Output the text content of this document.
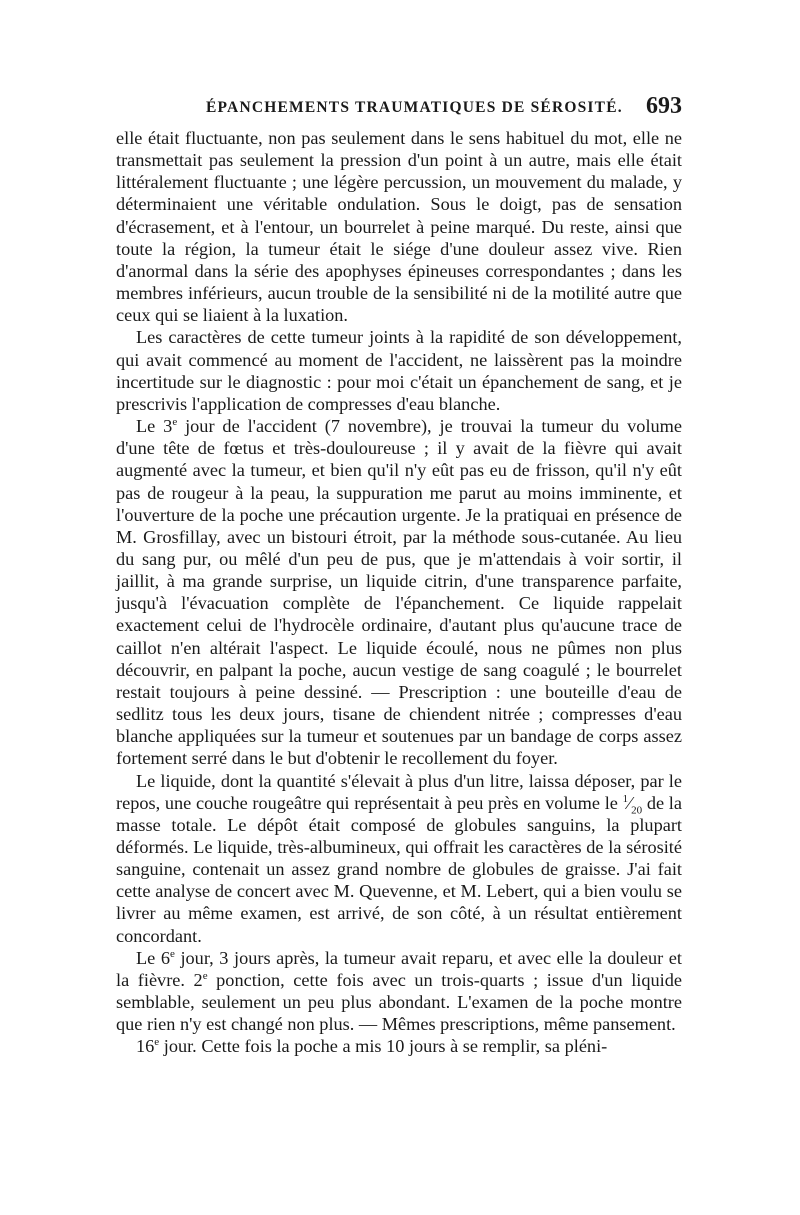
ÉPANCHEMENTS TRAUMATIQUES DE SÉROSITÉ. 693

elle était fluctuante, non pas seulement dans le sens habituel du mot, elle ne transmettait pas seulement la pression d'un point à un autre, mais elle était littéralement fluctuante ; une légère percussion, un mouvement du malade, y déterminaient une véritable ondulation. Sous le doigt, pas de sensation d'écrasement, et à l'entour, un bourrelet à peine marqué. Du reste, ainsi que toute la région, la tumeur était le siége d'une douleur assez vive. Rien d'anormal dans la série des apophyses épineuses correspondantes ; dans les membres inférieurs, aucun trouble de la sensibilité ni de la motilité autre que ceux qui se liaient à la luxation.

Les caractères de cette tumeur joints à la rapidité de son développement, qui avait commencé au moment de l'accident, ne laissèrent pas la moindre incertitude sur le diagnostic : pour moi c'était un épanchement de sang, et je prescrivis l'application de compresses d'eau blanche.

Le 3e jour de l'accident (7 novembre), je trouvai la tumeur du volume d'une tête de fœtus et très-douloureuse ; il y avait de la fièvre qui avait augmenté avec la tumeur, et bien qu'il n'y eût pas eu de frisson, qu'il n'y eût pas de rougeur à la peau, la suppuration me parut au moins imminente, et l'ouverture de la poche une précaution urgente. Je la pratiquai en présence de M. Grosfillay, avec un bistouri étroit, par la méthode sous-cutanée. Au lieu du sang pur, ou mêlé d'un peu de pus, que je m'attendais à voir sortir, il jaillit, à ma grande surprise, un liquide citrin, d'une transparence parfaite, jusqu'à l'évacuation complète de l'épanchement. Ce liquide rappelait exactement celui de l'hydrocèle ordinaire, d'autant plus qu'aucune trace de caillot n'en altérait l'aspect. Le liquide écoulé, nous ne pûmes non plus découvrir, en palpant la poche, aucun vestige de sang coagulé ; le bourrelet restait toujours à peine dessiné. — Prescription : une bouteille d'eau de sedlitz tous les deux jours, tisane de chiendent nitrée ; compresses d'eau blanche appliquées sur la tumeur et soutenues par un bandage de corps assez fortement serré dans le but d'obtenir le recollement du foyer.

Le liquide, dont la quantité s'élevait à plus d'un litre, laissa déposer, par le repos, une couche rougeâtre qui représentait à peu près en volume le $^1⁄_{20}$ de la masse totale. Le dépôt était composé de globules sanguins, la plupart déformés. Le liquide, très-albumineux, qui offrait les caractères de la sérosité sanguine, contenait un assez grand nombre de globules de graisse. J'ai fait cette analyse de concert avec M. Quevenne, et M. Lebert, qui a bien voulu se livrer au même examen, est arrivé, de son côté, à un résultat entièrement concordant.

Le 6e jour, 3 jours après, la tumeur avait reparu, et avec elle la douleur et la fièvre. 2e ponction, cette fois avec un trois-quarts ; issue d'un liquide semblable, seulement un peu plus abondant. L'examen de la poche montre que rien n'y est changé non plus. — Mêmes prescriptions, même pansement.

16e jour. Cette fois la poche a mis 10 jours à se remplir, sa pléni-
